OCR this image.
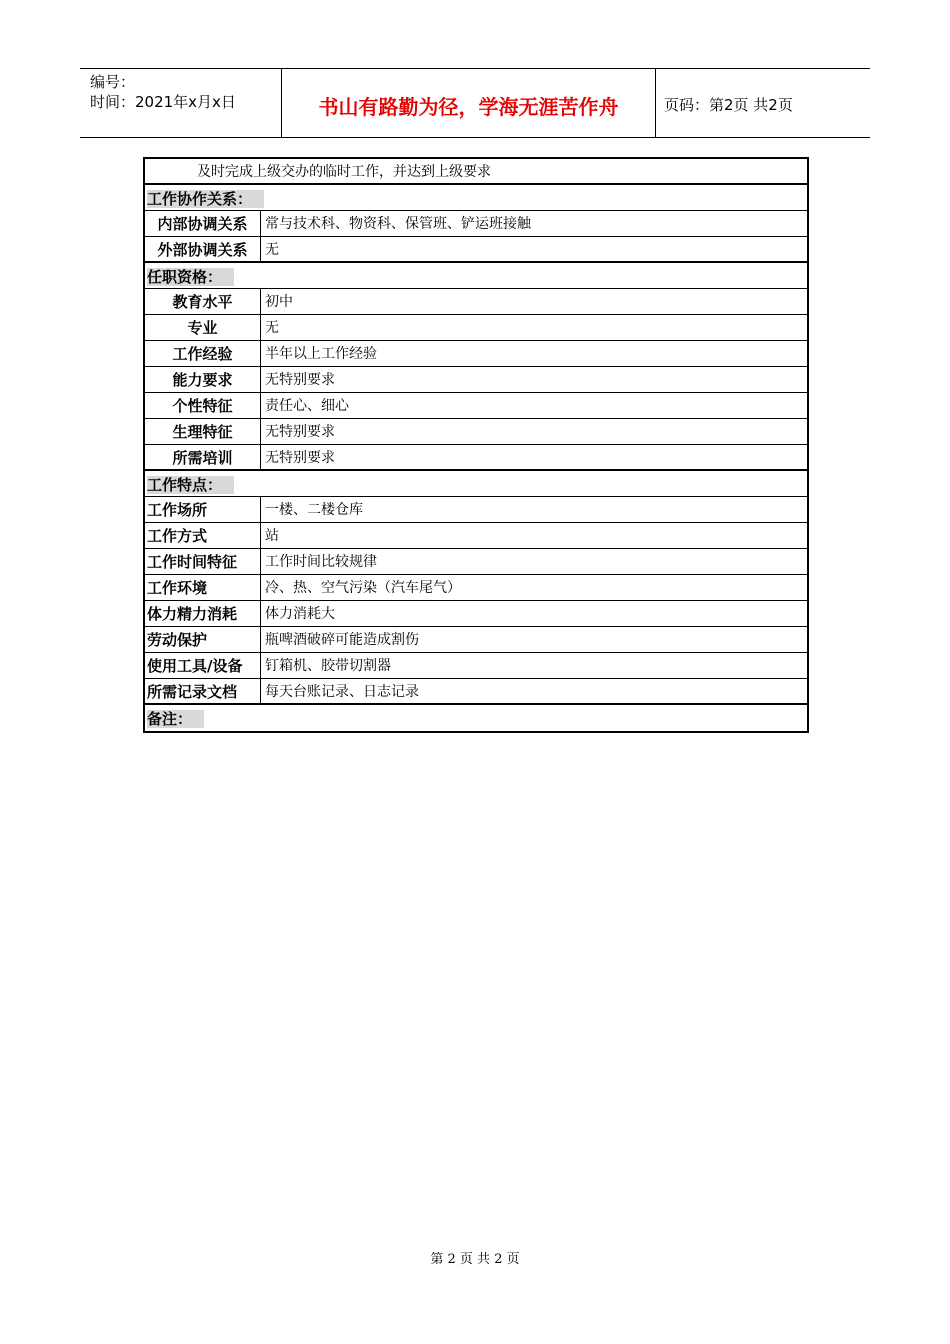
编号：
时间：2021年x月x日	书山有路勤为径，学海无涯苦作舟	页码：第2页 共2页
及时完成上级交办的临时工作，并达到上级要求
工作协作关系：
内部协调关系	常与技术科、物资科、保管班、铲运班接触
外部协调关系	无
任职资格：
教育水平	初中
专业	无
工作经验	半年以上工作经验
能力要求	无特别要求
个性特征	责任心、细心
生理特征	无特别要求
所需培训	无特别要求
工作特点：
工作场所	一楼、二楼仓库
工作方式	站
工作时间特征	工作时间比较规律
工作环境	冷、热、空气污染（汽车尾气）
体力精力消耗	体力消耗大
劳动保护	瓶啤酒破碎可能造成割伤
使用工具/设备	钉箱机、胶带切割器
所需记录文档	每天台账记录、日志记录
备注：
第 2 页 共 2 页
